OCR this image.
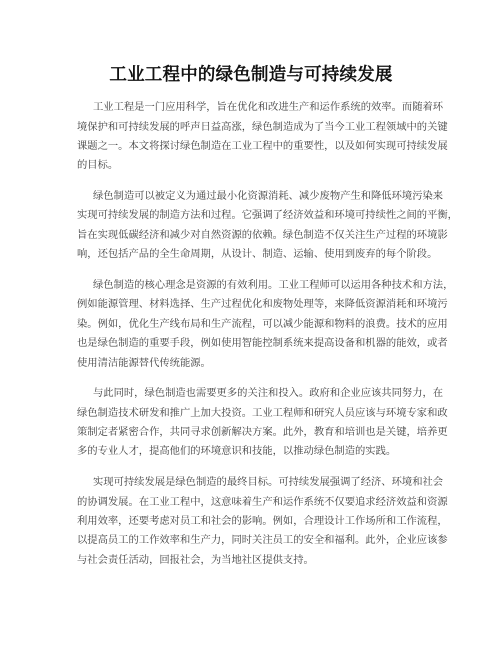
工业工程中的绿色制造与可持续发展
工业工程是一门应用科学，旨在优化和改进生产和运作系统的效率。而随着环
境保护和可持续发展的呼声日益高涨，绿色制造成为了当今工业工程领域中的关键
课题之一。本文将探讨绿色制造在工业工程中的重要性，以及如何实现可持续发展
的目标。
绿色制造可以被定义为通过最小化资源消耗、减少废物产生和降低环境污染来
实现可持续发展的制造方法和过程。它强调了经济效益和环境可持续性之间的平衡，
旨在实现低碳经济和减少对自然资源的依赖。绿色制造不仅关注生产过程的环境影
响，还包括产品的全生命周期，从设计、制造、运输、使用到废弃的每个阶段。
绿色制造的核心理念是资源的有效利用。工业工程师可以运用各种技术和方法，
例如能源管理、材料选择、生产过程优化和废物处理等，来降低资源消耗和环境污
染。例如，优化生产线布局和生产流程，可以减少能源和物料的浪费。技术的应用
也是绿色制造的重要手段，例如使用智能控制系统来提高设备和机器的能效，或者
使用清洁能源替代传统能源。
与此同时，绿色制造也需要更多的关注和投入。政府和企业应该共同努力，在
绿色制造技术研发和推广上加大投资。工业工程师和研究人员应该与环境专家和政
策制定者紧密合作，共同寻求创新解决方案。此外，教育和培训也是关键，培养更
多的专业人才，提高他们的环境意识和技能，以推动绿色制造的实践。
实现可持续发展是绿色制造的最终目标。可持续发展强调了经济、环境和社会
的协调发展。在工业工程中，这意味着生产和运作系统不仅要追求经济效益和资源
利用效率，还要考虑对员工和社会的影响。例如，合理设计工作场所和工作流程，
以提高员工的工作效率和生产力，同时关注员工的安全和福利。此外，企业应该参
与社会责任活动，回报社会，为当地社区提供支持。
